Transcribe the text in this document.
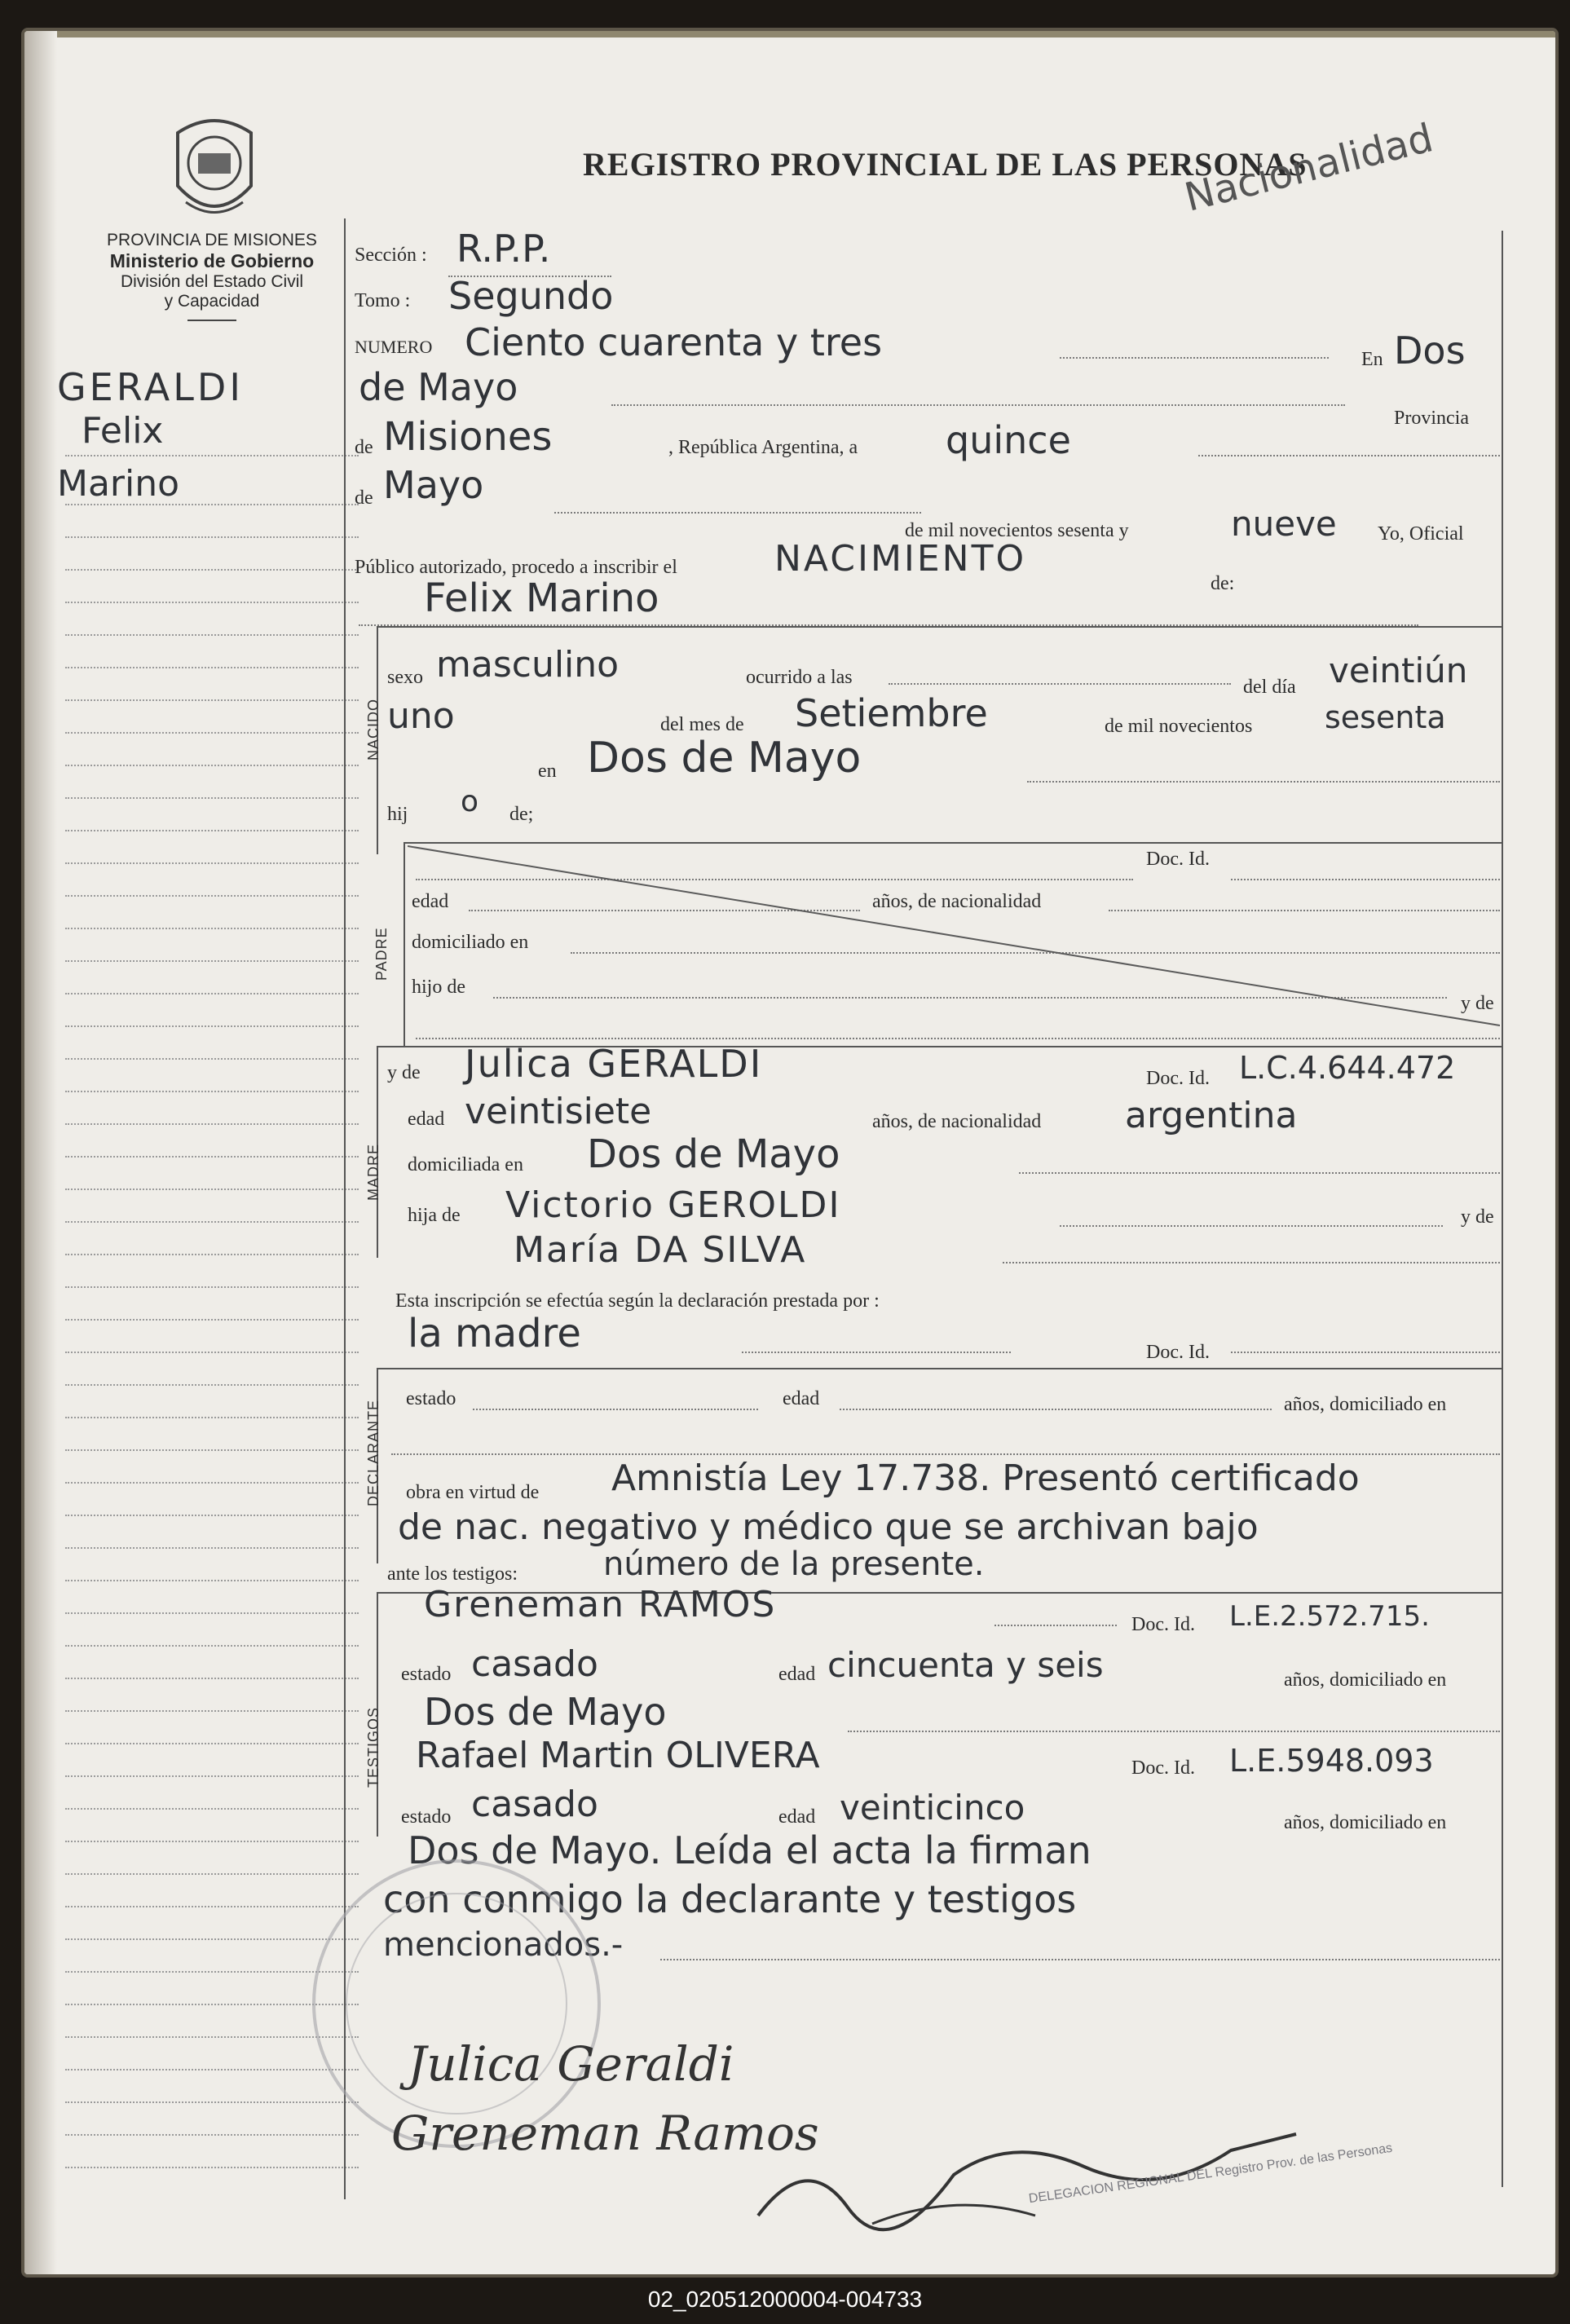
PROVINCIA DE MISIONES
Ministerio de Gobierno
División del Estado Civil
y Capacidad
REGISTRO PROVINCIAL DE LAS PERSONAS
Nacionalidad
GERALDI
Felix
Marino
Sección : R.P.P.
Tomo : Segundo
NUMERO Ciento cuarenta y tres	En Dos
de Mayo
Provincia
de Misiones	, República Argentina, a quince
de Mayo
de mil novecientos sesenta y	nueve Yo, Oficial
Público autorizado, procedo a inscribir el	NACIMIENTO
de:
Felix Marino
NACIDO
sexo masculino	ocurrido a las	del día veintiún
uno	del mes de Setiembre	de mil novecientos sesenta
en Dos de Mayo
hij o de;
PADRE
Doc. Id.
edad	años, de nacionalidad
domiciliado en
hijo de
y de
MADRE
y de Julica GERALDI	Doc. Id. L.C.4.644.472
edad veintisiete	años, de nacionalidad argentina
domiciliada en Dos de Mayo
hija de Victorio GEROLDI	y de
María DA SILVA
Esta inscripción se efectúa según la declaración prestada por :
DECLARANTE
la madre	Doc. Id.
estado	edad	años, domiciliado en
obra en virtud de Amnistía Ley 17.738. Presentó certificado
de nac. negativo y médico que se archivan bajo
ante los testigos:	número de la presente.
TESTIGOS
Greneman RAMOS	Doc. Id. L.E.2.572.715.
estado casado	edad cincuenta y seis	años, domiciliado en
Dos de Mayo
Rafael Martin OLIVERA	Doc. Id. L.E.5948.093
estado casado	edad veinticinco	años, domiciliado en
Dos de Mayo. Leída el acta la firman
con conmigo la declarante y testigos
mencionados.-
Julica Geraldi
Greneman Ramos
DELEGACION REGIONAL DEL Registro Prov. de las Personas
02_020512000004-004733
